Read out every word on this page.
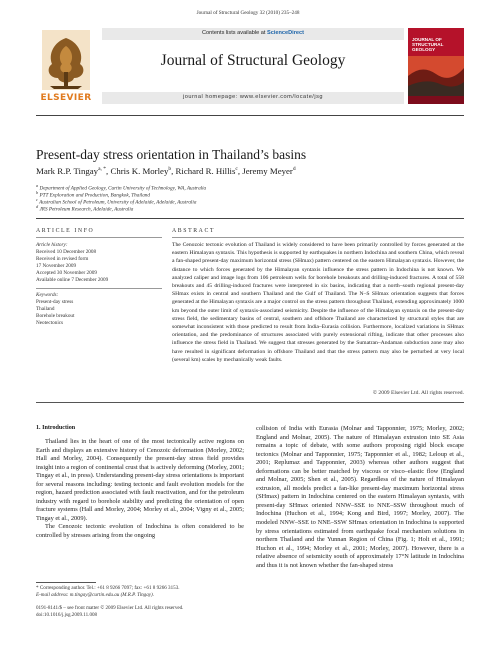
Journal of Structural Geology 32 (2010) 235–248
ELSEVIER
Contents lists available at ScienceDirect
Journal of Structural Geology
journal homepage: www.elsevier.com/locate/jsg
JOURNAL OF STRUCTURAL GEOLOGY
Present-day stress orientation in Thailand’s basins
Mark R.P. Tingay$^{a, *}$, Chris K. Morley$^b$, Richard R. Hillis$^c$, Jeremy Meyer$^d$
$^a$ Department of Applied Geology, Curtin University of Technology, WA, Australia
$^b$ PTT Exploration and Production, Bangkok, Thailand
$^c$ Australian School of Petroleum, University of Adelaide, Adelaide, Australia
$^d$ JRS Petroleum Research, Adelaide, Australia
ARTICLE INFO
Article history:
Received 10 December 2008
Received in revised form
17 November 2009
Accepted 30 November 2009
Available online 7 December 2009
Keywords:
Present-day stress
Thailand
Borehole breakout
Neotectonics
ABSTRACT
The Cenozoic tectonic evolution of Thailand is widely considered to have been primarily controlled by forces generated at the eastern Himalayan syntaxis. This hypothesis is supported by earthquakes in northern Indochina and southern China, which reveal a fan-shaped present-day maximum horizontal stress (SHmax) pattern centered on the eastern Himalayan syntaxis. However, the distance to which forces generated by the Himalayan syntaxis influence the stress pattern in Indochina is not known. We analyzed caliper and image logs from 106 petroleum wells for borehole breakouts and drilling-induced fractures. A total of 558 breakouts and 45 drilling-induced fractures were interpreted in six basins, indicating that a north–south regional present-day SHmax exists in central and southern Thailand and the Gulf of Thailand. The N–S SHmax orientation suggests that forces generated at the Himalayan syntaxis are a major control on the stress pattern throughout Thailand, extending approximately 1000 km beyond the outer limit of syntaxis-associated seismicity. Despite the influence of the Himalayan syntaxis on the present-day stress field, the sedimentary basins of central, southern and offshore Thailand are characterized by structural styles that are somewhat inconsistent with those predicted to result from India–Eurasia collision. Furthermore, localized variations in SHmax orientation, and the predominance of structures associated with purely extensional rifting, indicate that other processes also influence the stress field in Thailand. We suggest that stresses generated by the Sumatran–Andaman subduction zone may also have resulted in significant deformation in offshore Thailand and that the stress pattern may also be perturbed at very local (several km) scales by mechanically weak faults.
© 2009 Elsevier Ltd. All rights reserved.
1. Introduction

Thailand lies in the heart of one of the most tectonically active regions on Earth and displays an extensive history of Cenozoic deformation (Morley, 2002; Hall and Morley, 2004). Consequently the present-day stress field provides insight into a region of continental crust that is actively deforming (Morley, 2001; Tingay et al., in press). Understanding present-day stress orientations is important for several reasons including: testing tectonic and fault evolution models for the region, hazard prediction associated with fault reactivation, and for the petroleum industry with regard to borehole stability and predicting the orientation of open fracture systems (Hall and Morley, 2004; Morley et al., 2004; Vigny et al., 2005; Tingay et al., 2009).

The Cenozoic tectonic evolution of Indochina is often considered to be controlled by stresses arising from the ongoing

collision of India with Eurasia (Molnar and Tapponnier, 1975; Morley, 2002; England and Molnar, 2005). The nature of Himalayan extrusion into SE Asia remains a topic of debate, with some authors proposing rigid block escape tectonics (Molnar and Tapponnier, 1975; Tapponnier et al., 1982; Leloup et al., 2001; Replumaz and Tapponnier, 2003) whereas other authors suggest that deformations can be better matched by viscous or visco–elastic flow (England and Molnar, 2005; Shen et al., 2005). Regardless of the nature of Himalayan extrusion, all models predict a fan-like present-day maximum horizontal stress (SHmax) pattern in Indochina centered on the eastern Himalayan syntaxis, with present-day SHmax oriented NNW–SSE to NNE–SSW throughout much of Indochina (Huchon et al., 1994; Kong and Bird, 1997; Morley, 2007). The modeled NNW–SSE to NNE–SSW SHmax orientation in Indochina is supported by stress orientations estimated from earthquake focal mechanism solutions in northern Thailand and the Yunnan Region of China (Fig. 1; Holt et al., 1991; Huchon et al., 1994; Morley et al., 2001; Morley, 2007). However, there is a relative absence of seismicity south of approximately 17°N latitude in Indochina and thus it is not known whether the fan-shaped stress

* Corresponding author. Tel.: +61 8 9266 7097; fax: +61 8 9266 3153.
E-mail address: m.tingay@curtin.edu.au (M.R.P. Tingay).
0191-8141/$ – see front matter © 2009 Elsevier Ltd. All rights reserved.
doi:10.1016/j.jsg.2009.11.008
